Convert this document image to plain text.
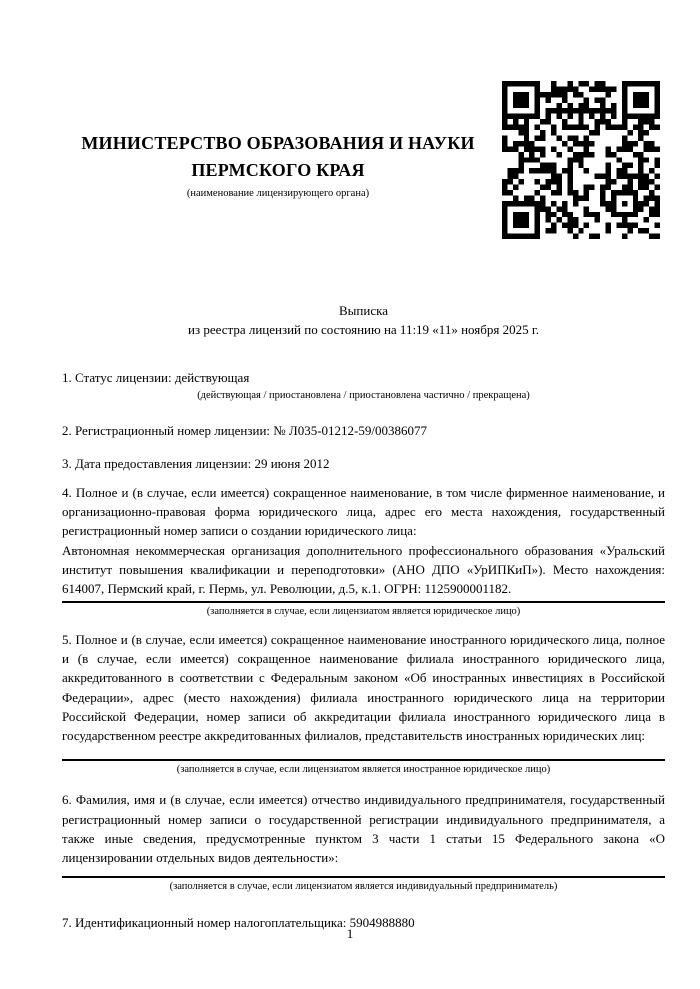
МИНИСТЕРСТВО ОБРАЗОВАНИЯ И НАУКИ
ПЕРМСКОГО КРАЯ
(наименование лицензирующего органа)
Выписка
из реестра лицензий по состоянию на 11:19 «11» ноября 2025 г.

1. Статус лицензии: действующая

(действующая / приостановлена / приостановлена частично / прекращена)

2. Регистрационный номер лицензии: № Л035-01212-59/00386077

3. Дата предоставления лицензии: 29 июня 2012

4. Полное и (в случае, если имеется) сокращенное наименование, в том числе фирменное наименование, и организационно-правовая форма юридического лица, адрес его места нахождения, государственный регистрационный номер записи о создании юридического лица:
Автономная некоммерческая организация дополнительного профессионального образования «Уральский институт повышения квалификации и переподготовки» (АНО ДПО «УрИПКиП»). Место нахождения: 614007, Пермский край, г. Пермь, ул. Революции, д.5, к.1. ОГРН: 1125900001182.
(заполняется в случае, если лицензиатом является юридическое лицо)
5. Полное и (в случае, если имеется) сокращенное наименование иностранного юридического лица, полное и (в случае, если имеется) сокращенное наименование филиала иностранного юридического лица, аккредитованного в соответствии с Федеральным законом «Об иностранных инвестициях в Российской Федерации», адрес (место нахождения) филиала иностранного юридического лица на территории Российской Федерации, номер записи об аккредитации филиала иностранного юридического лица в государственном реестре аккредитованных филиалов, представительств иностранных юридических лиц:
(заполняется в случае, если лицензиатом является иностранное юридическое лицо)
6. Фамилия, имя и (в случае, если имеется) отчество индивидуального предпринимателя, государственный регистрационный номер записи о государственной регистрации индивидуального предпринимателя, а также иные сведения, предусмотренные пунктом 3 части 1 статьи 15 Федерального закона «О лицензировании отдельных видов деятельности»:
(заполняется в случае, если лицензиатом является индивидуальный предприниматель)

7. Идентификационный номер налогоплательщика: 5904988880

1
